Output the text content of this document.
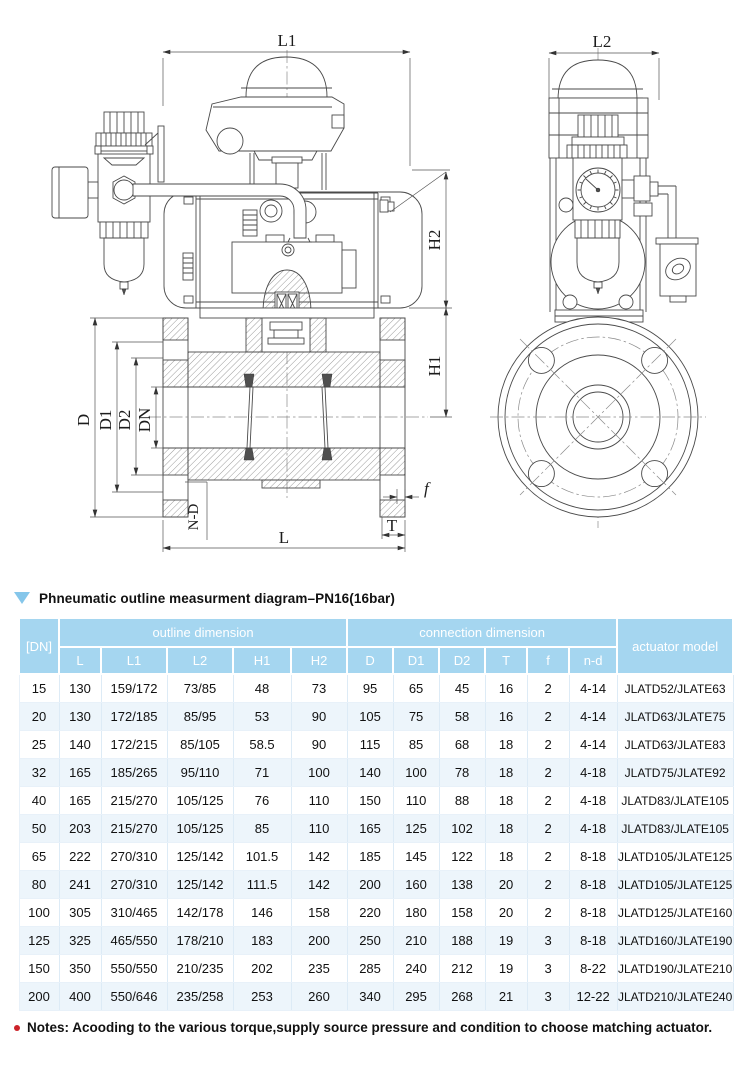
L1
D D1 D2 DN
N-D
L
T
f
H2
H1
L2
Phneumatic outline measurment diagram–PN16(16bar)
[DN]	outline dimension					connection dimension						actuator model
	L	L1	L2	H1	H2	D	D1	D2	T	f	n-d	
15	130	159/172	73/85	48	73	95	65	45	16	2	4-14	JLATD52/JLATE63
20	130	172/185	85/95	53	90	105	75	58	16	2	4-14	JLATD63/JLATE75
25	140	172/215	85/105	58.5	90	115	85	68	18	2	4-14	JLATD63/JLATE83
32	165	185/265	95/110	71	100	140	100	78	18	2	4-18	JLATD75/JLATE92
40	165	215/270	105/125	76	110	150	110	88	18	2	4-18	JLATD83/JLATE105
50	203	215/270	105/125	85	110	165	125	102	18	2	4-18	JLATD83/JLATE105
65	222	270/310	125/142	101.5	142	185	145	122	18	2	8-18	JLATD105/JLATE125
80	241	270/310	125/142	111.5	142	200	160	138	20	2	8-18	JLATD105/JLATE125
100	305	310/465	142/178	146	158	220	180	158	20	2	8-18	JLATD125/JLATE160
125	325	465/550	178/210	183	200	250	210	188	19	3	8-18	JLATD160/JLATE190
150	350	550/550	210/235	202	235	285	240	212	19	3	8-22	JLATD190/JLATE210
200	400	550/646	235/258	253	260	340	295	268	21	3	12-22	JLATD210/JLATE240
Notes: Acooding to the various torque,supply source pressure and condition to choose matching actuator.
